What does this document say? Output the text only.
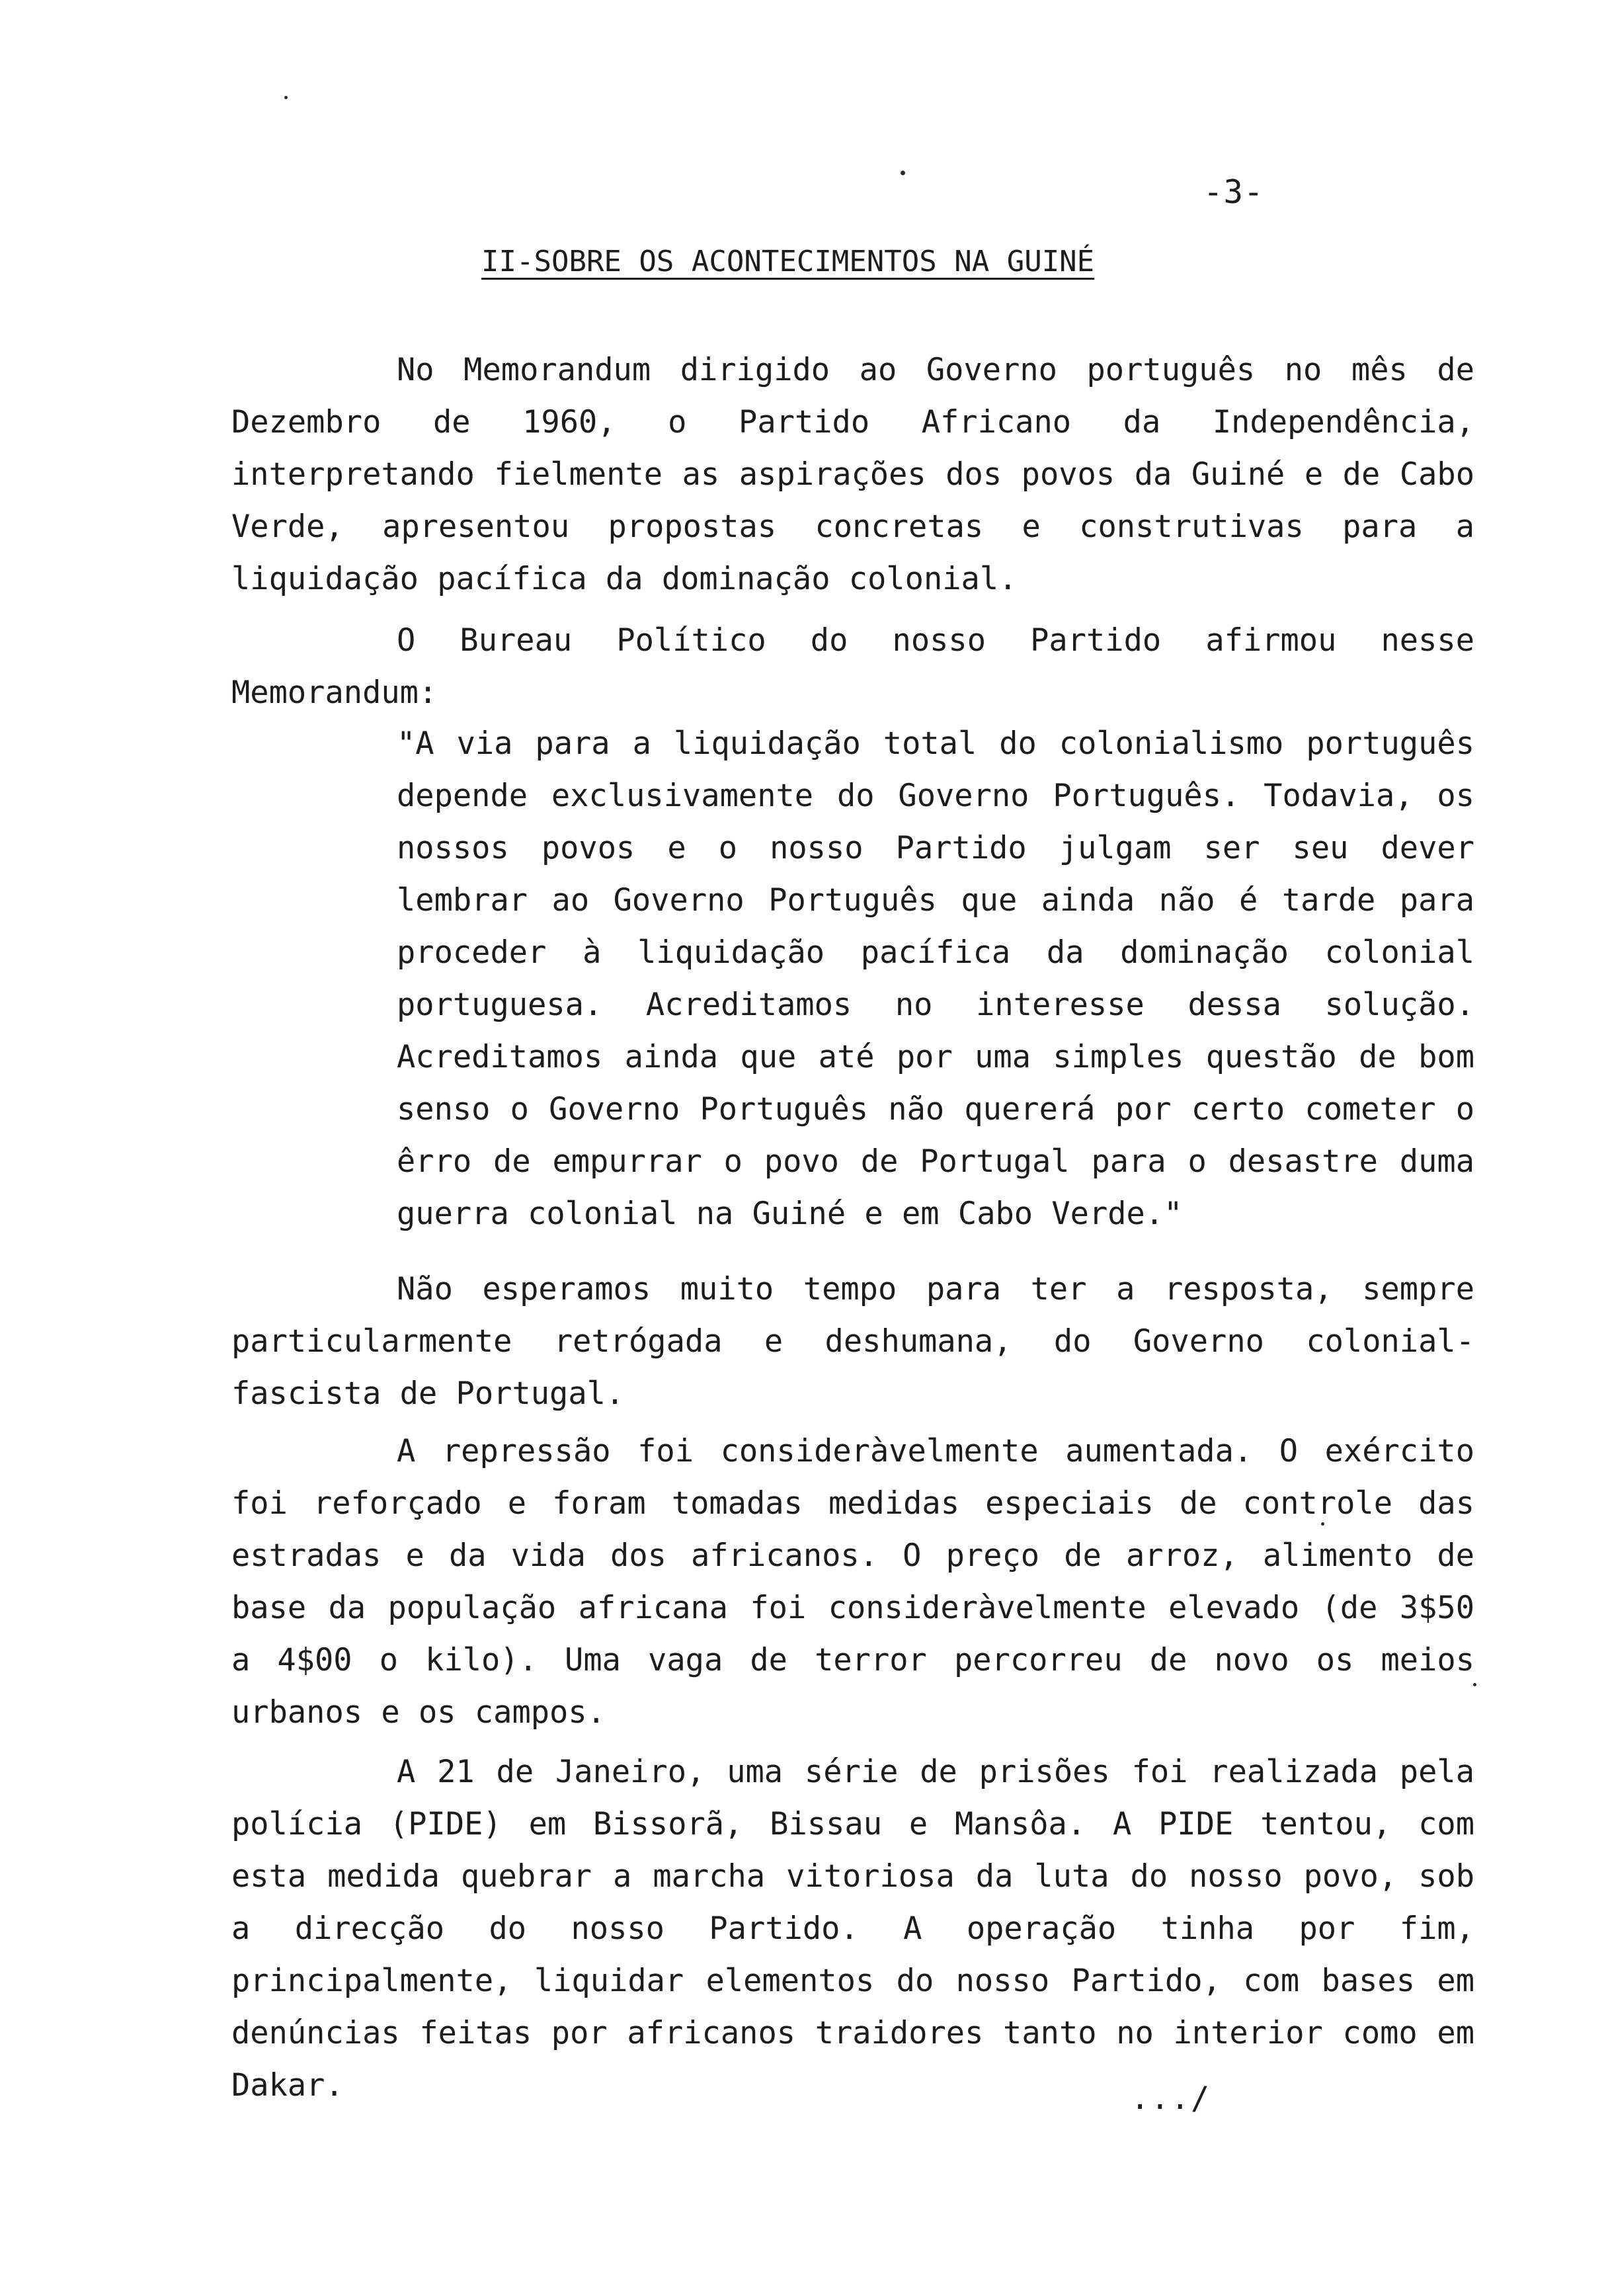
-3-

II-SOBRE OS ACONTECIMENTOS NA GUINÉ

No Memorandum dirigido ao Governo português no mês de Dezembro de 1960, o Partido Africano da Independência, interpretando fielmente as aspirações dos povos da Guiné e de Cabo Verde, apresentou propostas concretas e construtivas para a liquidação pacífica da dominação colonial.

O Bureau Político do nosso Partido afirmou nesse Memorandum:

"A via para a liquidação total do colonialismo português depende exclusivamente do Governo Português. Todavia, os nossos povos e o nosso Partido julgam ser seu dever lembrar ao Governo Português que ainda não é tarde para proceder à liquidação pacífica da dominação colonial portuguesa. Acreditamos no interesse dessa solução. Acreditamos ainda que até por uma simples questão de bom senso o Governo Português não quererá por certo cometer o êrro de empurrar o povo de Portugal para o desastre duma guerra colonial na Guiné e em Cabo Verde."

Não esperamos muito tempo para ter a resposta, sempre particularmente retrógada e deshumana, do Governo colonial-fascista de Portugal.

A repressão foi consideràvelmente aumentada. O exército foi reforçado e foram tomadas medidas especiais de controle das estradas e da vida dos africanos. O preço de arroz, alimento de base da população africana foi consideràvelmente elevado (de 3$50 a 4$00 o kilo). Uma vaga de terror percorreu de novo os meios urbanos e os campos.

A 21 de Janeiro, uma série de prisões foi realizada pela polícia (PIDE) em Bissorã, Bissau e Mansôa. A PIDE tentou, com esta medida quebrar a marcha vitoriosa da luta do nosso povo, sob a direcção do nosso Partido. A operação tinha por fim, principalmente, liquidar elementos do nosso Partido, com bases em denúncias feitas por africanos traidores tanto no interior como em Dakar.	.../
